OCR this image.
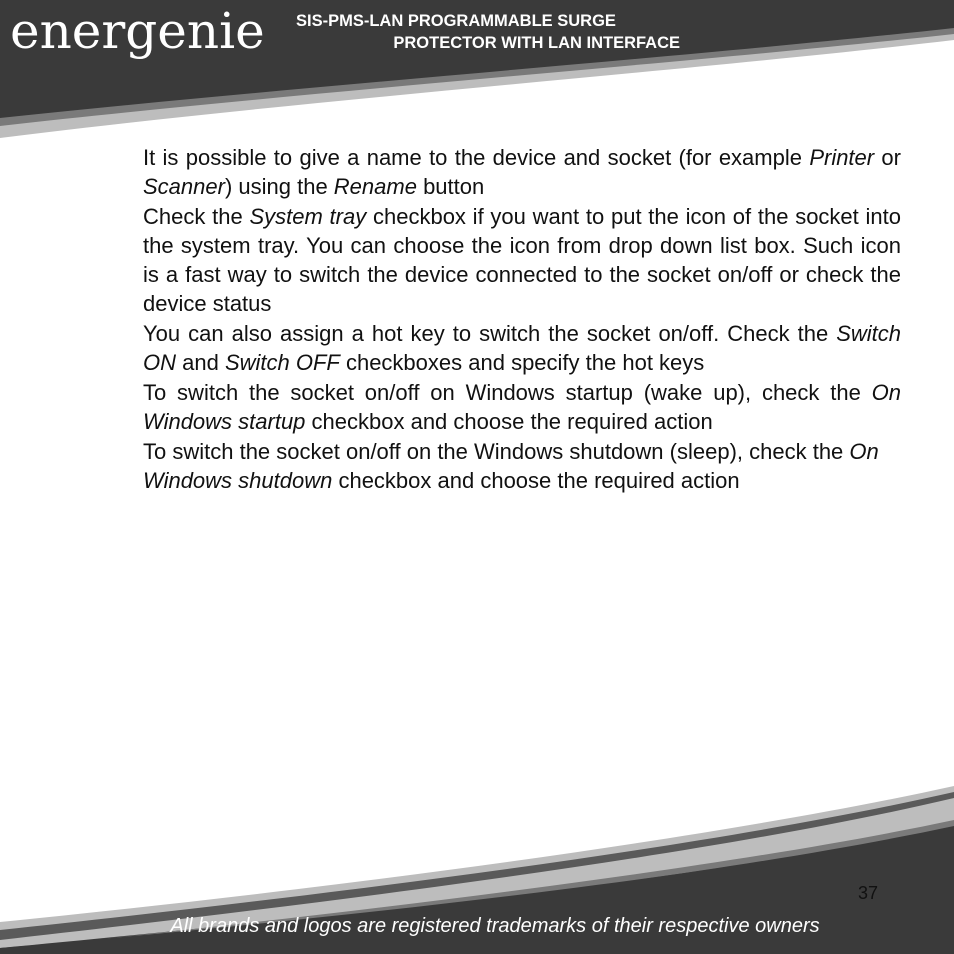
energenie SIS-PMS-LAN PROGRAMMABLE SURGE
PROTECTOR WITH LAN INTERFACE

It is possible to give a name to the device and socket (for example Printer or Scanner) using the Rename button

Check the System tray checkbox if you want to put the icon of the socket into the system tray. You can choose the icon from drop down list box. Such icon is a fast way to switch the device connected to the socket on/off or check the device status

You can also assign a hot key to switch the socket on/off. Check the Switch ON and Switch OFF checkboxes and specify the hot keys

To switch the socket on/off on Windows startup (wake up), check the On Windows startup checkbox and choose the required action

To switch the socket on/off on the Windows shutdown (sleep), check the On Windows shutdown checkbox and choose the required action

37
All brands and logos are registered trademarks of their respective owners
